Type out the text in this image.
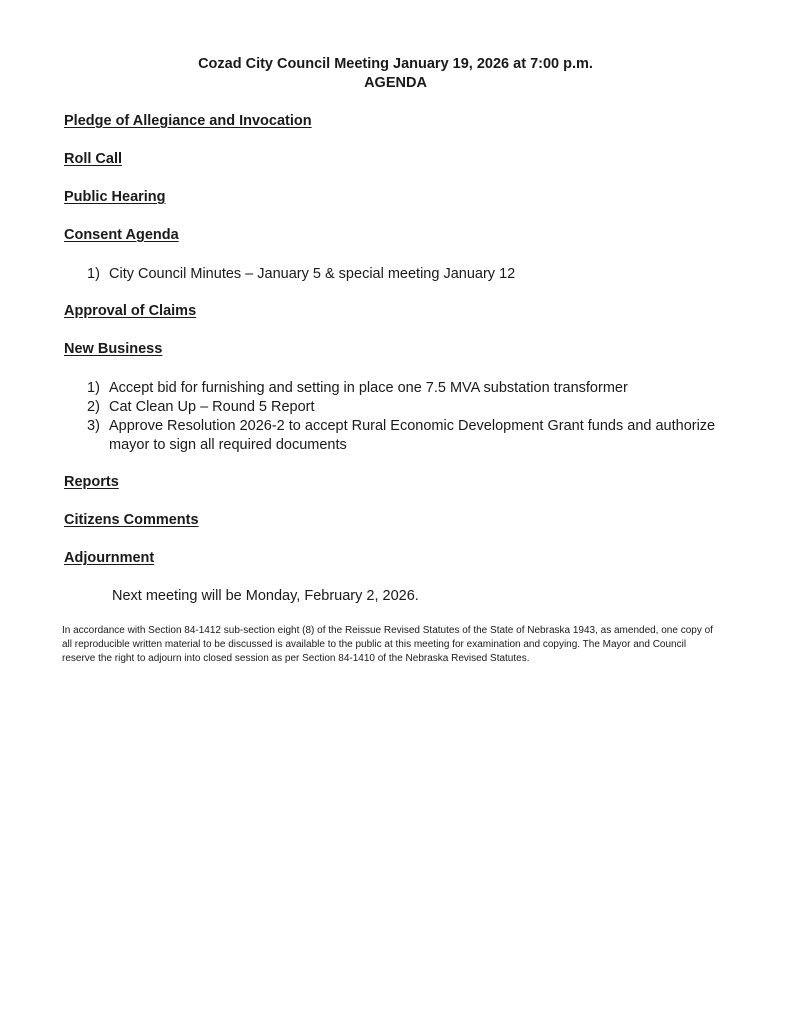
Cozad City Council Meeting January 19, 2026 at 7:00 p.m.
AGENDA
Pledge of Allegiance and Invocation
Roll Call
Public Hearing
Consent Agenda
1) City Council Minutes – January 5 & special meeting January 12
Approval of Claims
New Business
1) Accept bid for furnishing and setting in place one 7.5 MVA substation transformer
2) Cat Clean Up – Round 5 Report
3) Approve Resolution 2026-2 to accept Rural Economic Development Grant funds and authorize mayor to sign all required documents
Reports
Citizens Comments
Adjournment
Next meeting will be Monday, February 2, 2026.
In accordance with Section 84-1412 sub-section eight (8) of the Reissue Revised Statutes of the State of Nebraska 1943, as amended, one copy of all reproducible written material to be discussed is available to the public at this meeting for examination and copying. The Mayor and Council reserve the right to adjourn into closed session as per Section 84-1410 of the Nebraska Revised Statutes.
